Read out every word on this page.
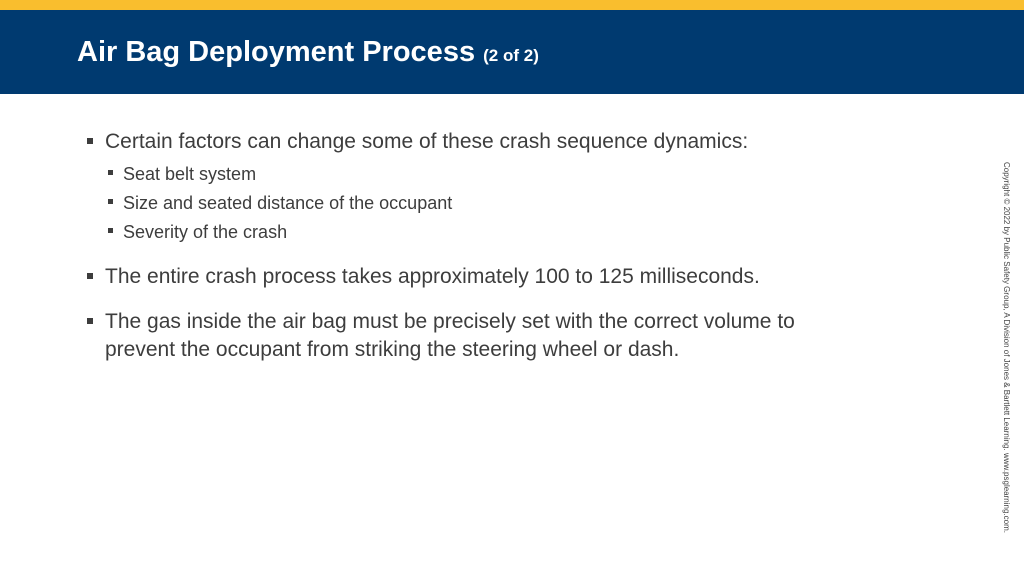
Air Bag Deployment Process (2 of 2)
Certain factors can change some of these crash sequence dynamics:
Seat belt system
Size and seated distance of the occupant
Severity of the crash
The entire crash process takes approximately 100 to 125 milliseconds.
The gas inside the air bag must be precisely set with the correct volume to prevent the occupant from striking the steering wheel or dash.	Copyright © 2022 by Public Safety Group, A Division of Jones & Bartlett Learning. www.psglearning.com.
